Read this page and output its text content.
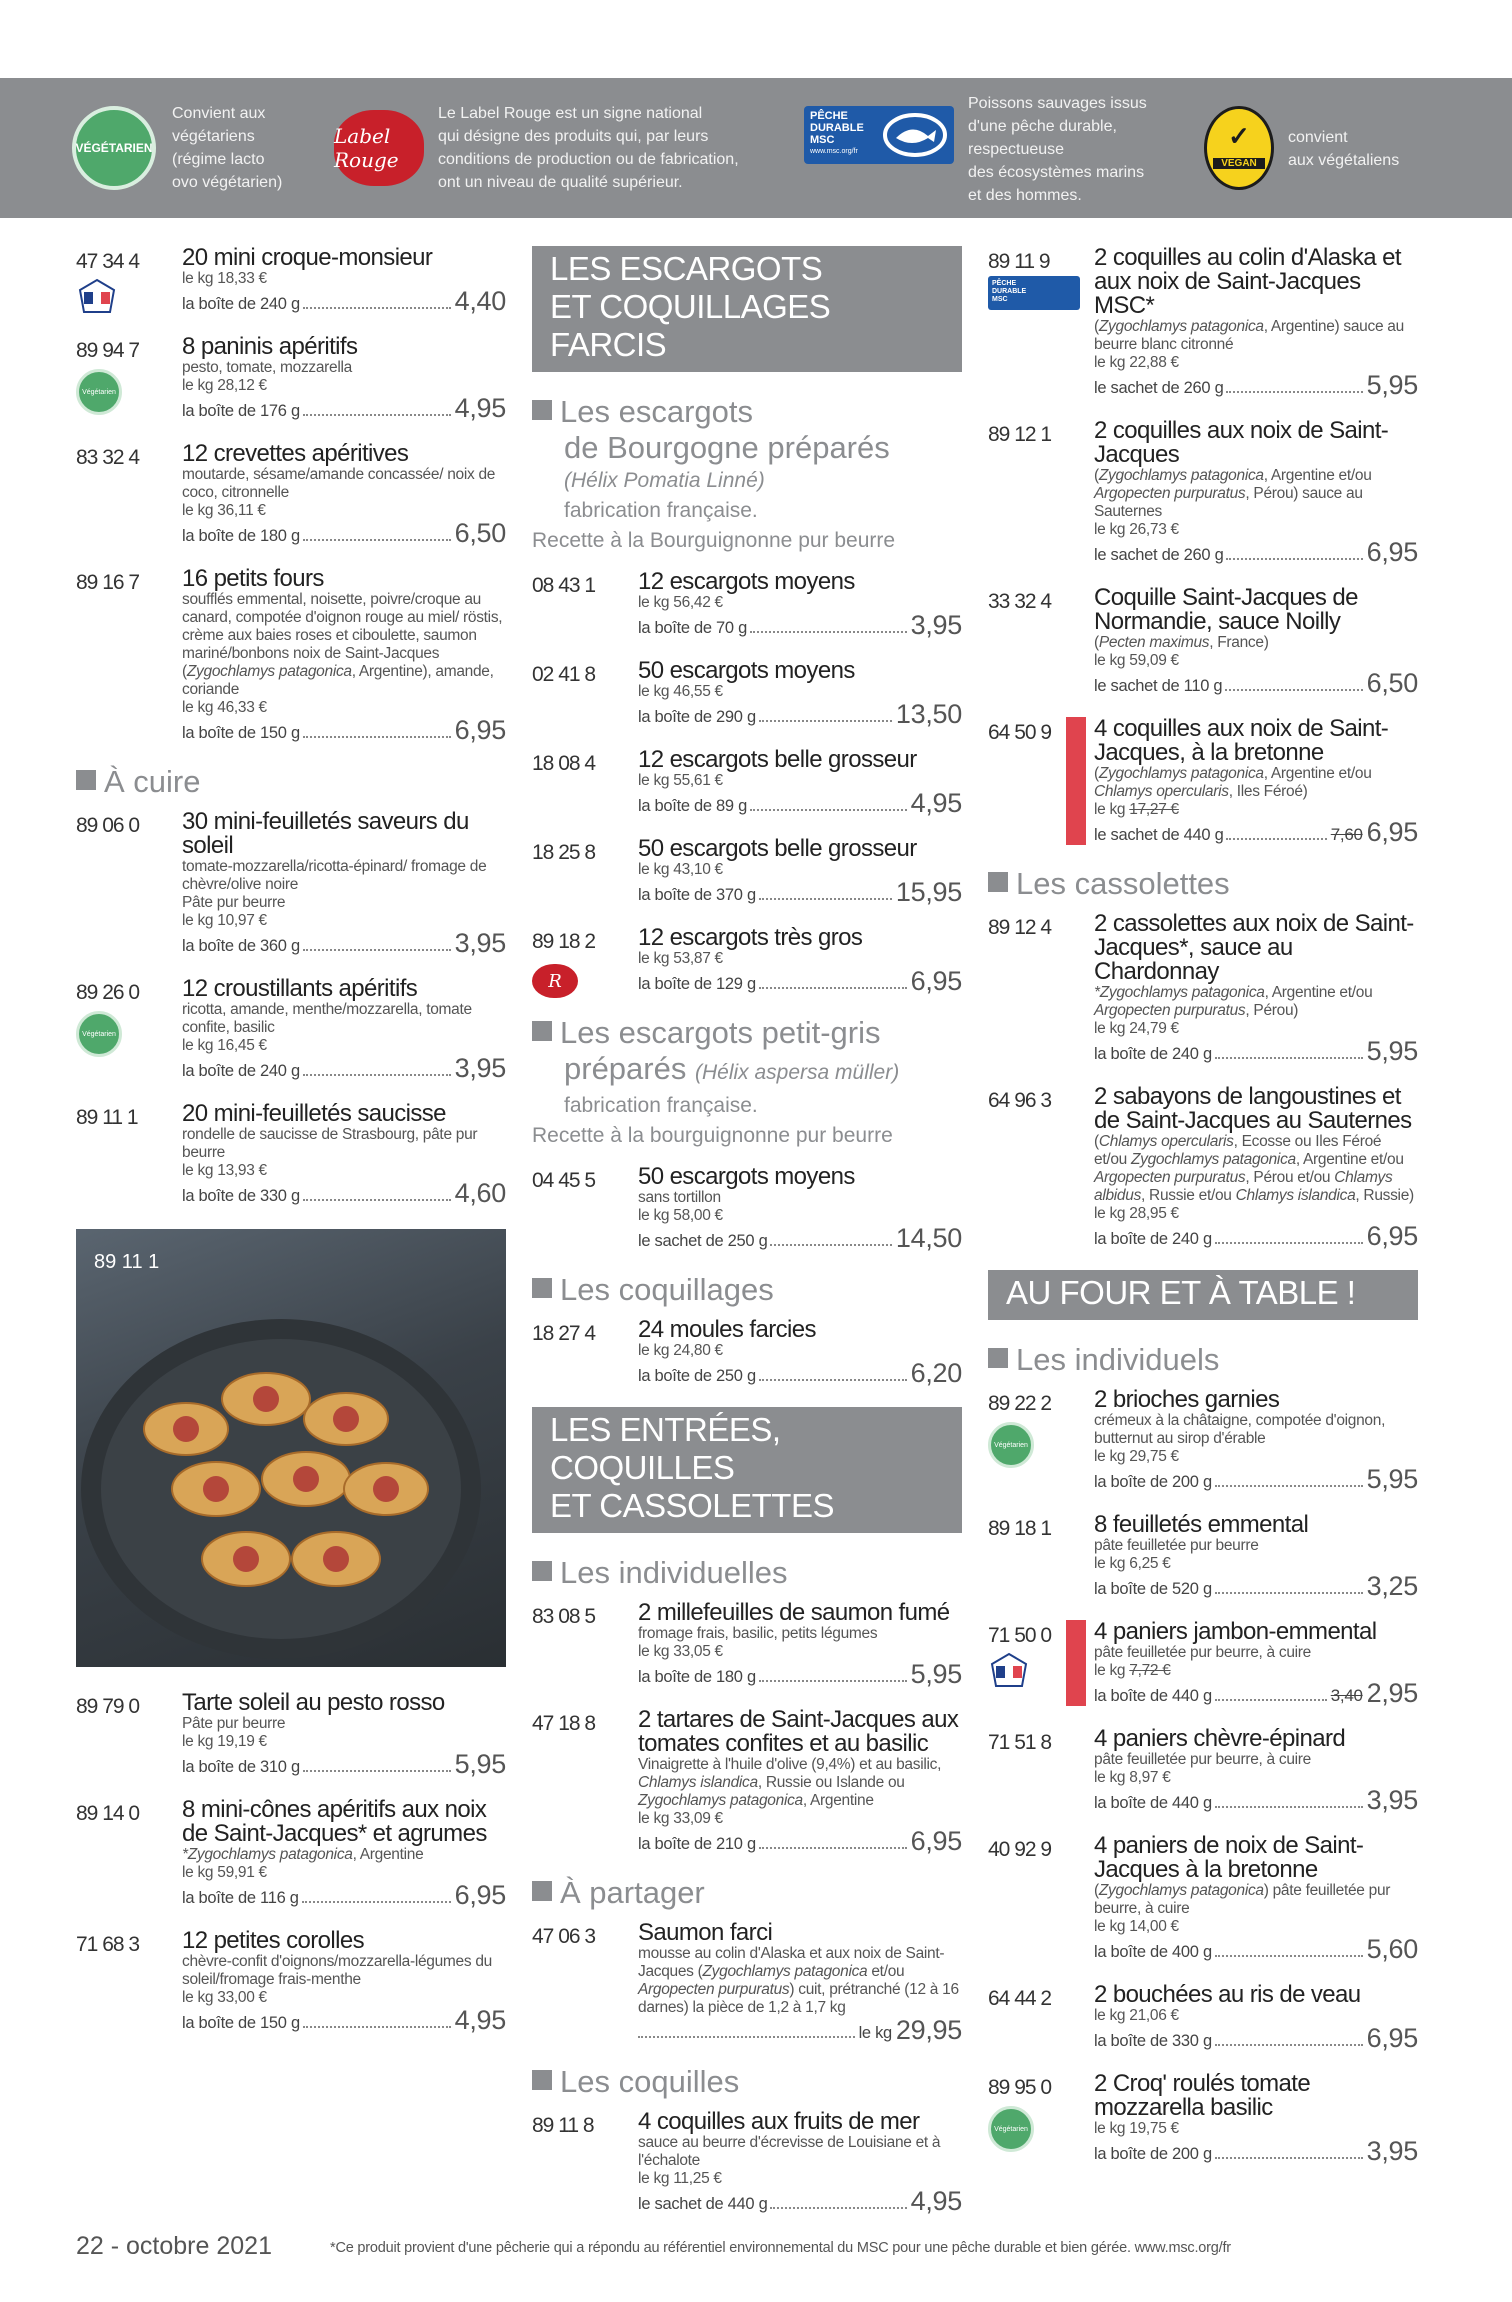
VÉGÉTARIEN
Convient aux
végétariens
(régime lacto
ovo végétarien)
Label Rouge
Le Label Rouge est un signe national
qui désigne des produits qui, par leurs
conditions de production ou de fabrication,
ont un niveau de qualité supérieur.
PÊCHE
DURABLE
MSC
www.msc.org/fr
Poissons sauvages issus
d'une pêche durable,
respectueuse
des écosystèmes marins
et des hommes.
✓
VEGAN
convient
aux végétaliens
47 34 4 20 mini croque-monsieur
le kg 18,33 €
la boîte de 240 g	4,40
89 94 7
Végétarien
8 paninis apéritifs
pesto, tomate, mozzarella
le kg 28,12 €
la boîte de 176 g	4,95
83 32 4 12 crevettes apéritives
moutarde, sésame/amande concassée/ noix de coco, citronnelle
le kg 36,11 €
la boîte de 180 g	6,50
89 16 7 16 petits fours
soufflés emmental, noisette, poivre/croque au canard, compotée d'oignon rouge au miel/ röstis, crème aux baies roses et ciboulette, saumon mariné/bonbons noix de Saint-Jacques (Zygochlamys patagonica, Argentine), amande, coriande
le kg 46,33 €
la boîte de 150 g	6,95
À cuire
89 06 0 30 mini-feuilletés saveurs du soleil
tomate-mozzarella/ricotta-épinard/ fromage de chèvre/olive noire
Pâte pur beurre
le kg 10,97 €
la boîte de 360 g	3,95
89 26 0
Végétarien
12 croustillants apéritifs
ricotta, amande, menthe/mozzarella, tomate confite, basilic
le kg 16,45 €
la boîte de 240 g	3,95
89 11 1 20 mini-feuilletés saucisse
rondelle de saucisse de Strasbourg, pâte pur beurre
le kg 13,93 €
la boîte de 330 g	4,60
89 11 1
89 79 0 Tarte soleil au pesto rosso
Pâte pur beurre
le kg 19,19 €
la boîte de 310 g	5,95
89 14 0 8 mini-cônes apéritifs aux noix de Saint-Jacques* et agrumes
*Zygochlamys patagonica, Argentine
le kg 59,91 €
la boîte de 116 g	6,95
71 68 3 12 petites corolles
chèvre-confit d'oignons/mozzarella-légumes du soleil/fromage frais-menthe
le kg 33,00 €
la boîte de 150 g	4,95
LES ESCARGOTS
ET COQUILLAGES FARCIS
Les escargots
de Bourgogne préparés
(Hélix Pomatia Linné)
fabrication française.
Recette à la Bourguignonne pur beurre
08 43 1 12 escargots moyens
le kg 56,42 €
la boîte de 70 g	3,95
02 41 8 50 escargots moyens
le kg 46,55 €
la boîte de 290 g	13,50
18 08 4 12 escargots belle grosseur
le kg 55,61 €
la boîte de 89 g	4,95
18 25 8 50 escargots belle grosseur
le kg 43,10 €
la boîte de 370 g	15,95
89 18 2
R
12 escargots très gros
le kg 53,87 €
la boîte de 129 g	6,95
Les escargots petit-gris
préparés (Hélix aspersa müller)
fabrication française.
Recette à la bourguignonne pur beurre
04 45 5 50 escargots moyens
sans tortillon
le kg 58,00 €
le sachet de 250 g	14,50
Les coquillages
18 27 4 24 moules farcies
le kg 24,80 €
la boîte de 250 g	6,20
LES ENTRÉES, COQUILLES
ET CASSOLETTES
Les individuelles
83 08 5 2 millefeuilles de saumon fumé
fromage frais, basilic, petits légumes
le kg 33,05 €
la boîte de 180 g	5,95
47 18 8 2 tartares de Saint-Jacques aux tomates confites et au basilic
Vinaigrette à l'huile d'olive (9,4%) et au basilic, Chlamys islandica, Russie ou Islande ou Zygochlamys patagonica, Argentine
le kg 33,09 €
la boîte de 210 g	6,95
À partager
47 06 3 Saumon farci
mousse au colin d'Alaska et aux noix de Saint-Jacques (Zygochlamys patagonica et/ou Argopecten purpuratus) cuit, prétranché (12 à 16 darnes) la pièce de 1,2 à 1,7 kg
le kg 29,95
Les coquilles
89 11 8 4 coquilles aux fruits de mer
sauce au beurre d'écrevisse de Louisiane et à l'échalote
le kg 11,25 €
le sachet de 440 g	4,95
89 11 9
PÊCHE
DURABLE
MSC
2 coquilles au colin d'Alaska et aux noix de Saint-Jacques MSC*
(Zygochlamys patagonica, Argentine) sauce au beurre blanc citronné
le kg 22,88 €
le sachet de 260 g	5,95
89 12 1 2 coquilles aux noix de Saint-Jacques
(Zygochlamys patagonica, Argentine et/ou Argopecten purpuratus, Pérou) sauce au Sauternes
le kg 26,73 €
le sachet de 260 g	6,95
33 32 4 Coquille Saint-Jacques de Normandie, sauce Noilly
(Pecten maximus, France)
le kg 59,09 €
le sachet de 110 g	6,50
64 50 9 4 coquilles aux noix de Saint-Jacques, à la bretonne
(Zygochlamys patagonica, Argentine et/ou Chlamys opercularis, Iles Féroé)
le kg 17,27 €
le sachet de 440 g	7,60 6,95
Les cassolettes
89 12 4 2 cassolettes aux noix de Saint-Jacques*, sauce au Chardonnay
*Zygochlamys patagonica, Argentine et/ou Argopecten purpuratus, Pérou)
le kg 24,79 €
la boîte de 240 g	5,95
64 96 3 2 sabayons de langoustines et de Saint-Jacques au Sauternes
(Chlamys opercularis, Ecosse ou Iles Féroé et/ou Zygochlamys patagonica, Argentine et/ou Argopecten purpuratus, Pérou et/ou Chlamys albidus, Russie et/ou Chlamys islandica, Russie)
le kg 28,95 €
la boîte de 240 g	6,95
AU FOUR ET À TABLE !
Les individuels
89 22 2
Végétarien
2 brioches garnies
crémeux à la châtaigne, compotée d'oignon, butternut au sirop d'érable
le kg 29,75 €
la boîte de 200 g	5,95
89 18 1 8 feuilletés emmental
pâte feuilletée pur beurre
le kg 6,25 €
la boîte de 520 g	3,25
71 50 0 4 paniers jambon-emmental
pâte feuilletée pur beurre, à cuire
le kg 7,72 €
la boîte de 440 g	3,40 2,95
71 51 8 4 paniers chèvre-épinard
pâte feuilletée pur beurre, à cuire
le kg 8,97 €
la boîte de 440 g	3,95
40 92 9 4 paniers de noix de Saint-Jacques à la bretonne
(Zygochlamys patagonica) pâte feuilletée pur beurre, à cuire
le kg 14,00 €
la boîte de 400 g	5,60
64 44 2 2 bouchées au ris de veau
le kg 21,06 €
la boîte de 330 g	6,95
89 95 0
Végétarien
2 Croq' roulés tomate mozzarella basilic
le kg 19,75 €
la boîte de 200 g	3,95
22 - octobre 2021	*Ce produit provient d'une pêcherie qui a répondu au référentiel environnemental du MSC pour une pêche durable et bien gérée. www.msc.org/fr
